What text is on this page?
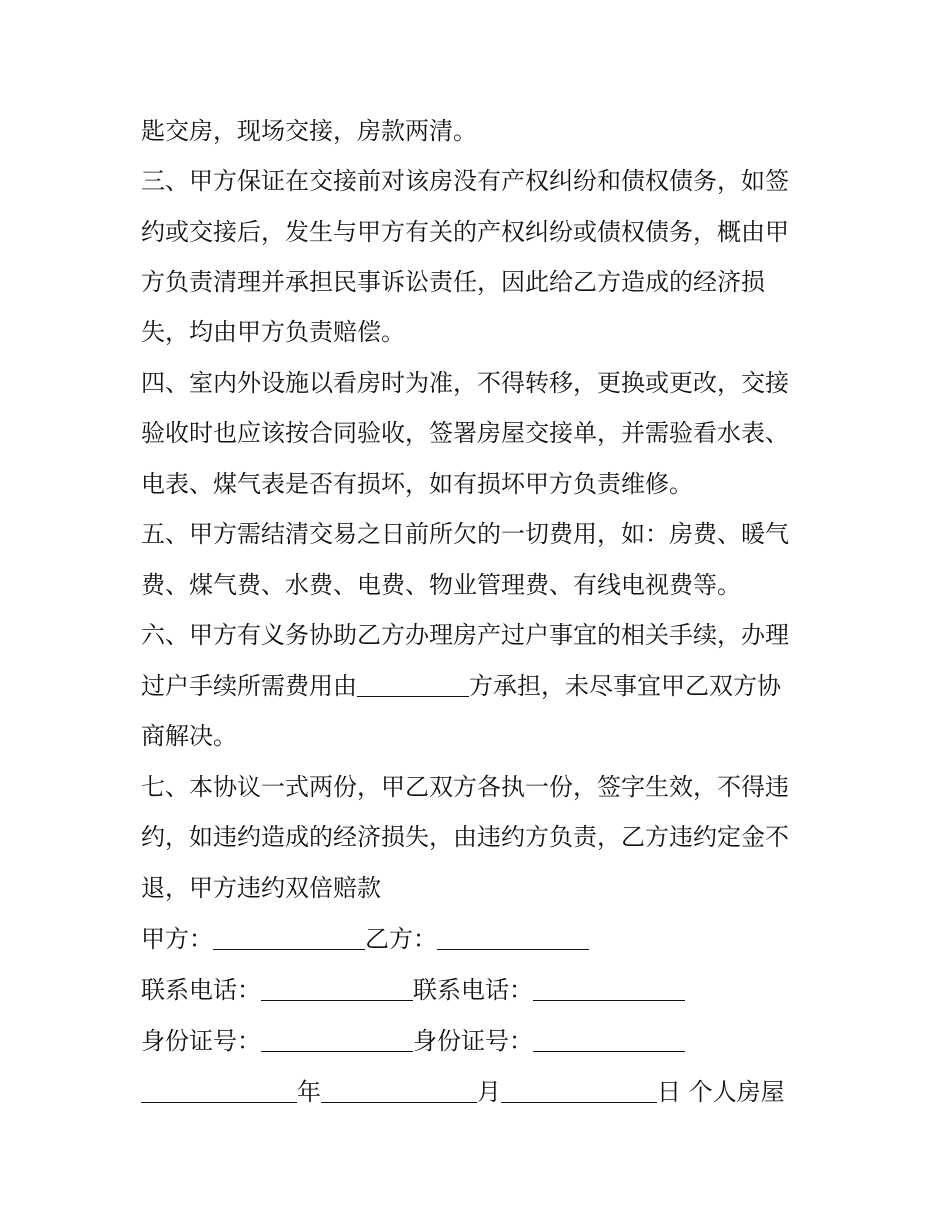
匙交房，现场交接，房款两清。

三、甲方保证在交接前对该房没有产权纠纷和债权债务，如签

约或交接后，发生与甲方有关的产权纠纷或债权债务，概由甲

方负责清理并承担民事诉讼责任，因此给乙方造成的经济损

失，均由甲方负责赔偿。

四、室内外设施以看房时为准，不得转移，更换或更改，交接

验收时也应该按合同验收，签署房屋交接单，并需验看水表、

电表、煤气表是否有损坏，如有损坏甲方负责维修。

五、甲方需结清交易之日前所欠的一切费用，如：房费、暖气

费、煤气费、水费、电费、物业管理费、有线电视费等。

六、甲方有义务协助乙方办理房产过户事宜的相关手续，办理

过户手续所需费用由	方承担，未尽事宜甲乙双方协

商解决。

七、本协议一式两份，甲乙双方各执一份，签字生效，不得违

约，如违约造成的经济损失，由违约方负责，乙方违约定金不

退，甲方违约双倍赔款

甲方：	乙方：

联系电话：	联系电话：

身份证号：	身份证号：

年	月	日 个人房屋
